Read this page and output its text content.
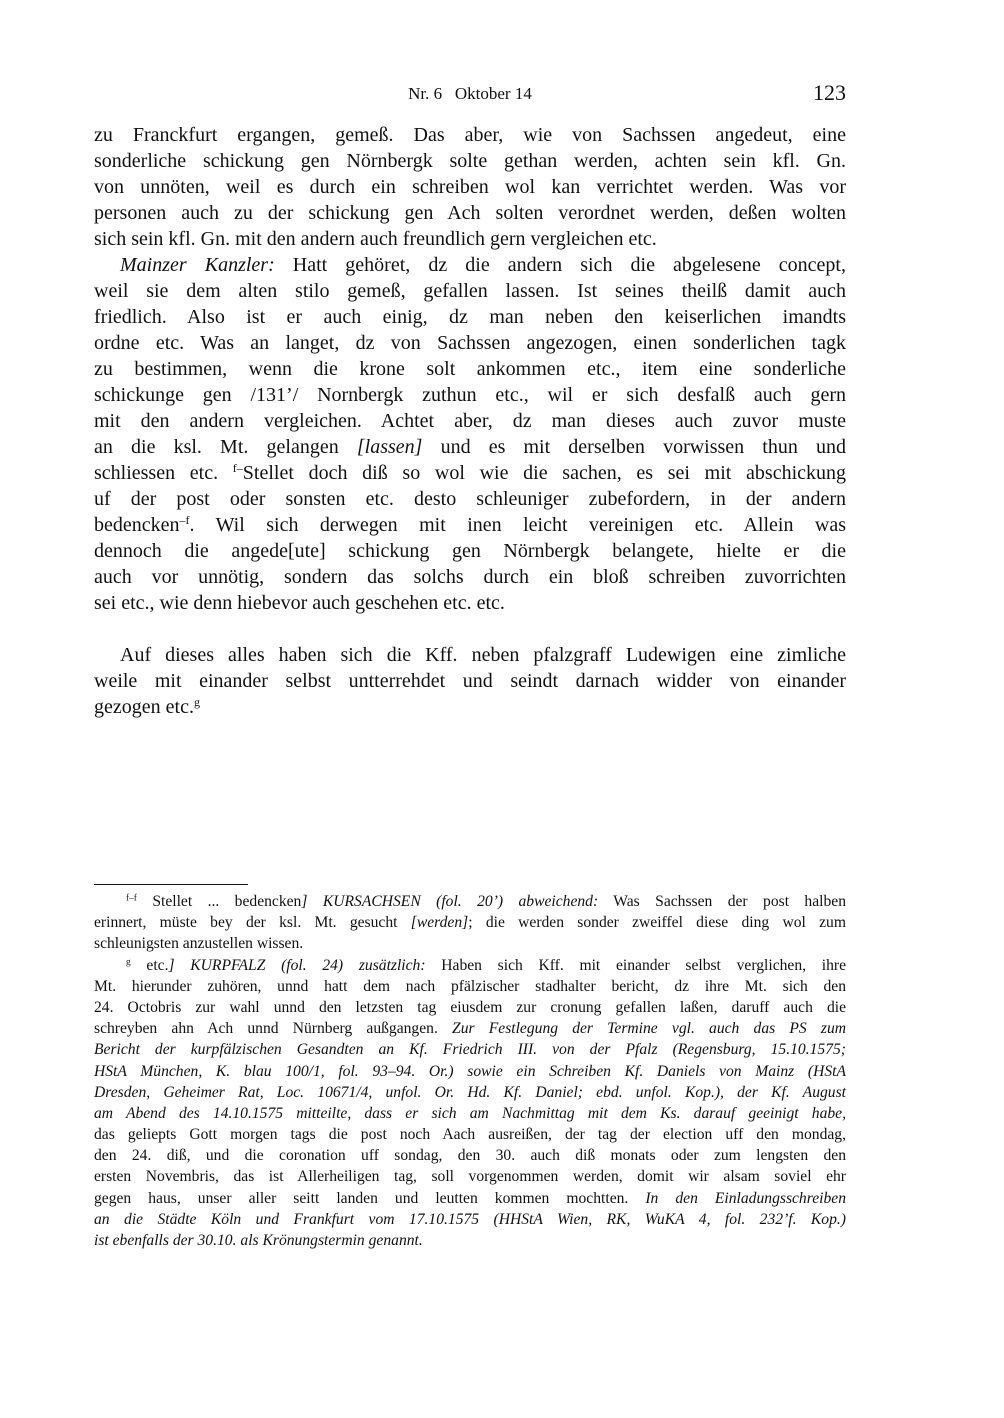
Nr. 6   Oktober 14	123
zu Franckfurt ergangen, gemeß. Das aber, wie von Sachssen angedeut, eine
sonderliche schickung gen Nörnbergk solte gethan werden, achten sein kfl. Gn.
von unnöten, weil es durch ein schreiben wol kan verrichtet werden. Was vor
personen auch zu der schickung gen Ach solten verordnet werden, deßen wolten
sich sein kfl. Gn. mit den andern auch freundlich gern vergleichen etc.
Mainzer Kanzler: Hatt gehöret, dz die andern sich die abgelesene concept,
weil sie dem alten stilo gemeß, gefallen lassen. Ist seines theilß damit auch
friedlich. Also ist er auch einig, dz man neben den keiserlichen imandts
ordne etc. Was an langet, dz von Sachssen angezogen, einen sonderlichen tagk
zu bestimmen, wenn die krone solt ankommen etc., item eine sonderliche
schickunge gen /131’/ Nornbergk zuthun etc., wil er sich desfalß auch gern
mit den andern vergleichen. Achtet aber, dz man dieses auch zuvor muste
an die ksl. Mt. gelangen [lassen] und es mit derselben vorwissen thun und
schliessen etc. $^{f-}$Stellet doch diß so wol wie die sachen, es sei mit abschickung
uf der post oder sonsten etc. desto schleuniger zubefordern, in der andern
bedencken$^{-f}$. Wil sich derwegen mit inen leicht vereinigen etc. Allein was
dennoch die angede[ute] schickung gen Nörnbergk belangete, hielte er die
auch vor unnötig, sondern das solchs durch ein bloß schreiben zuvorrichten
sei etc., wie denn hiebevor auch geschehen etc. etc.
Auf dieses alles haben sich die Kff. neben pfalzgraff Ludewigen eine zimliche
weile mit einander selbst untterrehdet und seindt darnach widder von einander
gezogen etc.$^g$
$^{f-f}$ Stellet ... bedencken] KURSACHSEN (fol. 20’) abweichend: Was Sachssen der post halben
erinnert, müste bey der ksl. Mt. gesucht [werden]; die werden sonder zweiffel diese ding wol zum
schleunigsten anzustellen wissen.
$^g$ etc.] KURPFALZ (fol. 24) zusätzlich: Haben sich Kff. mit einander selbst verglichen, ihre
Mt. hierunder zuhören, unnd hatt dem nach pfälzischer stadhalter bericht, dz ihre Mt. sich den
24. Octobris zur wahl unnd den letzsten tag eiusdem zur cronung gefallen laßen, daruff auch die
schreyben ahn Ach unnd Nürnberg außgangen. Zur Festlegung der Termine vgl. auch das PS zum
Bericht der kurpfälzischen Gesandten an Kf. Friedrich III. von der Pfalz (Regensburg, 15.10.1575;
HStA München, K. blau 100/1, fol. 93–94. Or.) sowie ein Schreiben Kf. Daniels von Mainz (HStA
Dresden, Geheimer Rat, Loc. 10671/4, unfol. Or. Hd. Kf. Daniel; ebd. unfol. Kop.), der Kf. August
am Abend des 14.10.1575 mitteilte, dass er sich am Nachmittag mit dem Ks. darauf geeinigt habe,
das geliepts Gott morgen tags die post noch Aach ausreißen, der tag der election uff den mondag,
den 24. diß, und die coronation uff sondag, den 30. auch diß monats oder zum lengsten den
ersten Novembris, das ist Allerheiligen tag, soll vorgenommen werden, domit wir alsam soviel ehr
gegen haus, unser aller seitt landen und leutten kommen mochtten. In den Einladungsschreiben
an die Städte Köln und Frankfurt vom 17.10.1575 (HHStA Wien, RK, WuKA 4, fol. 232’f. Kop.)
ist ebenfalls der 30.10. als Krönungstermin genannt.
